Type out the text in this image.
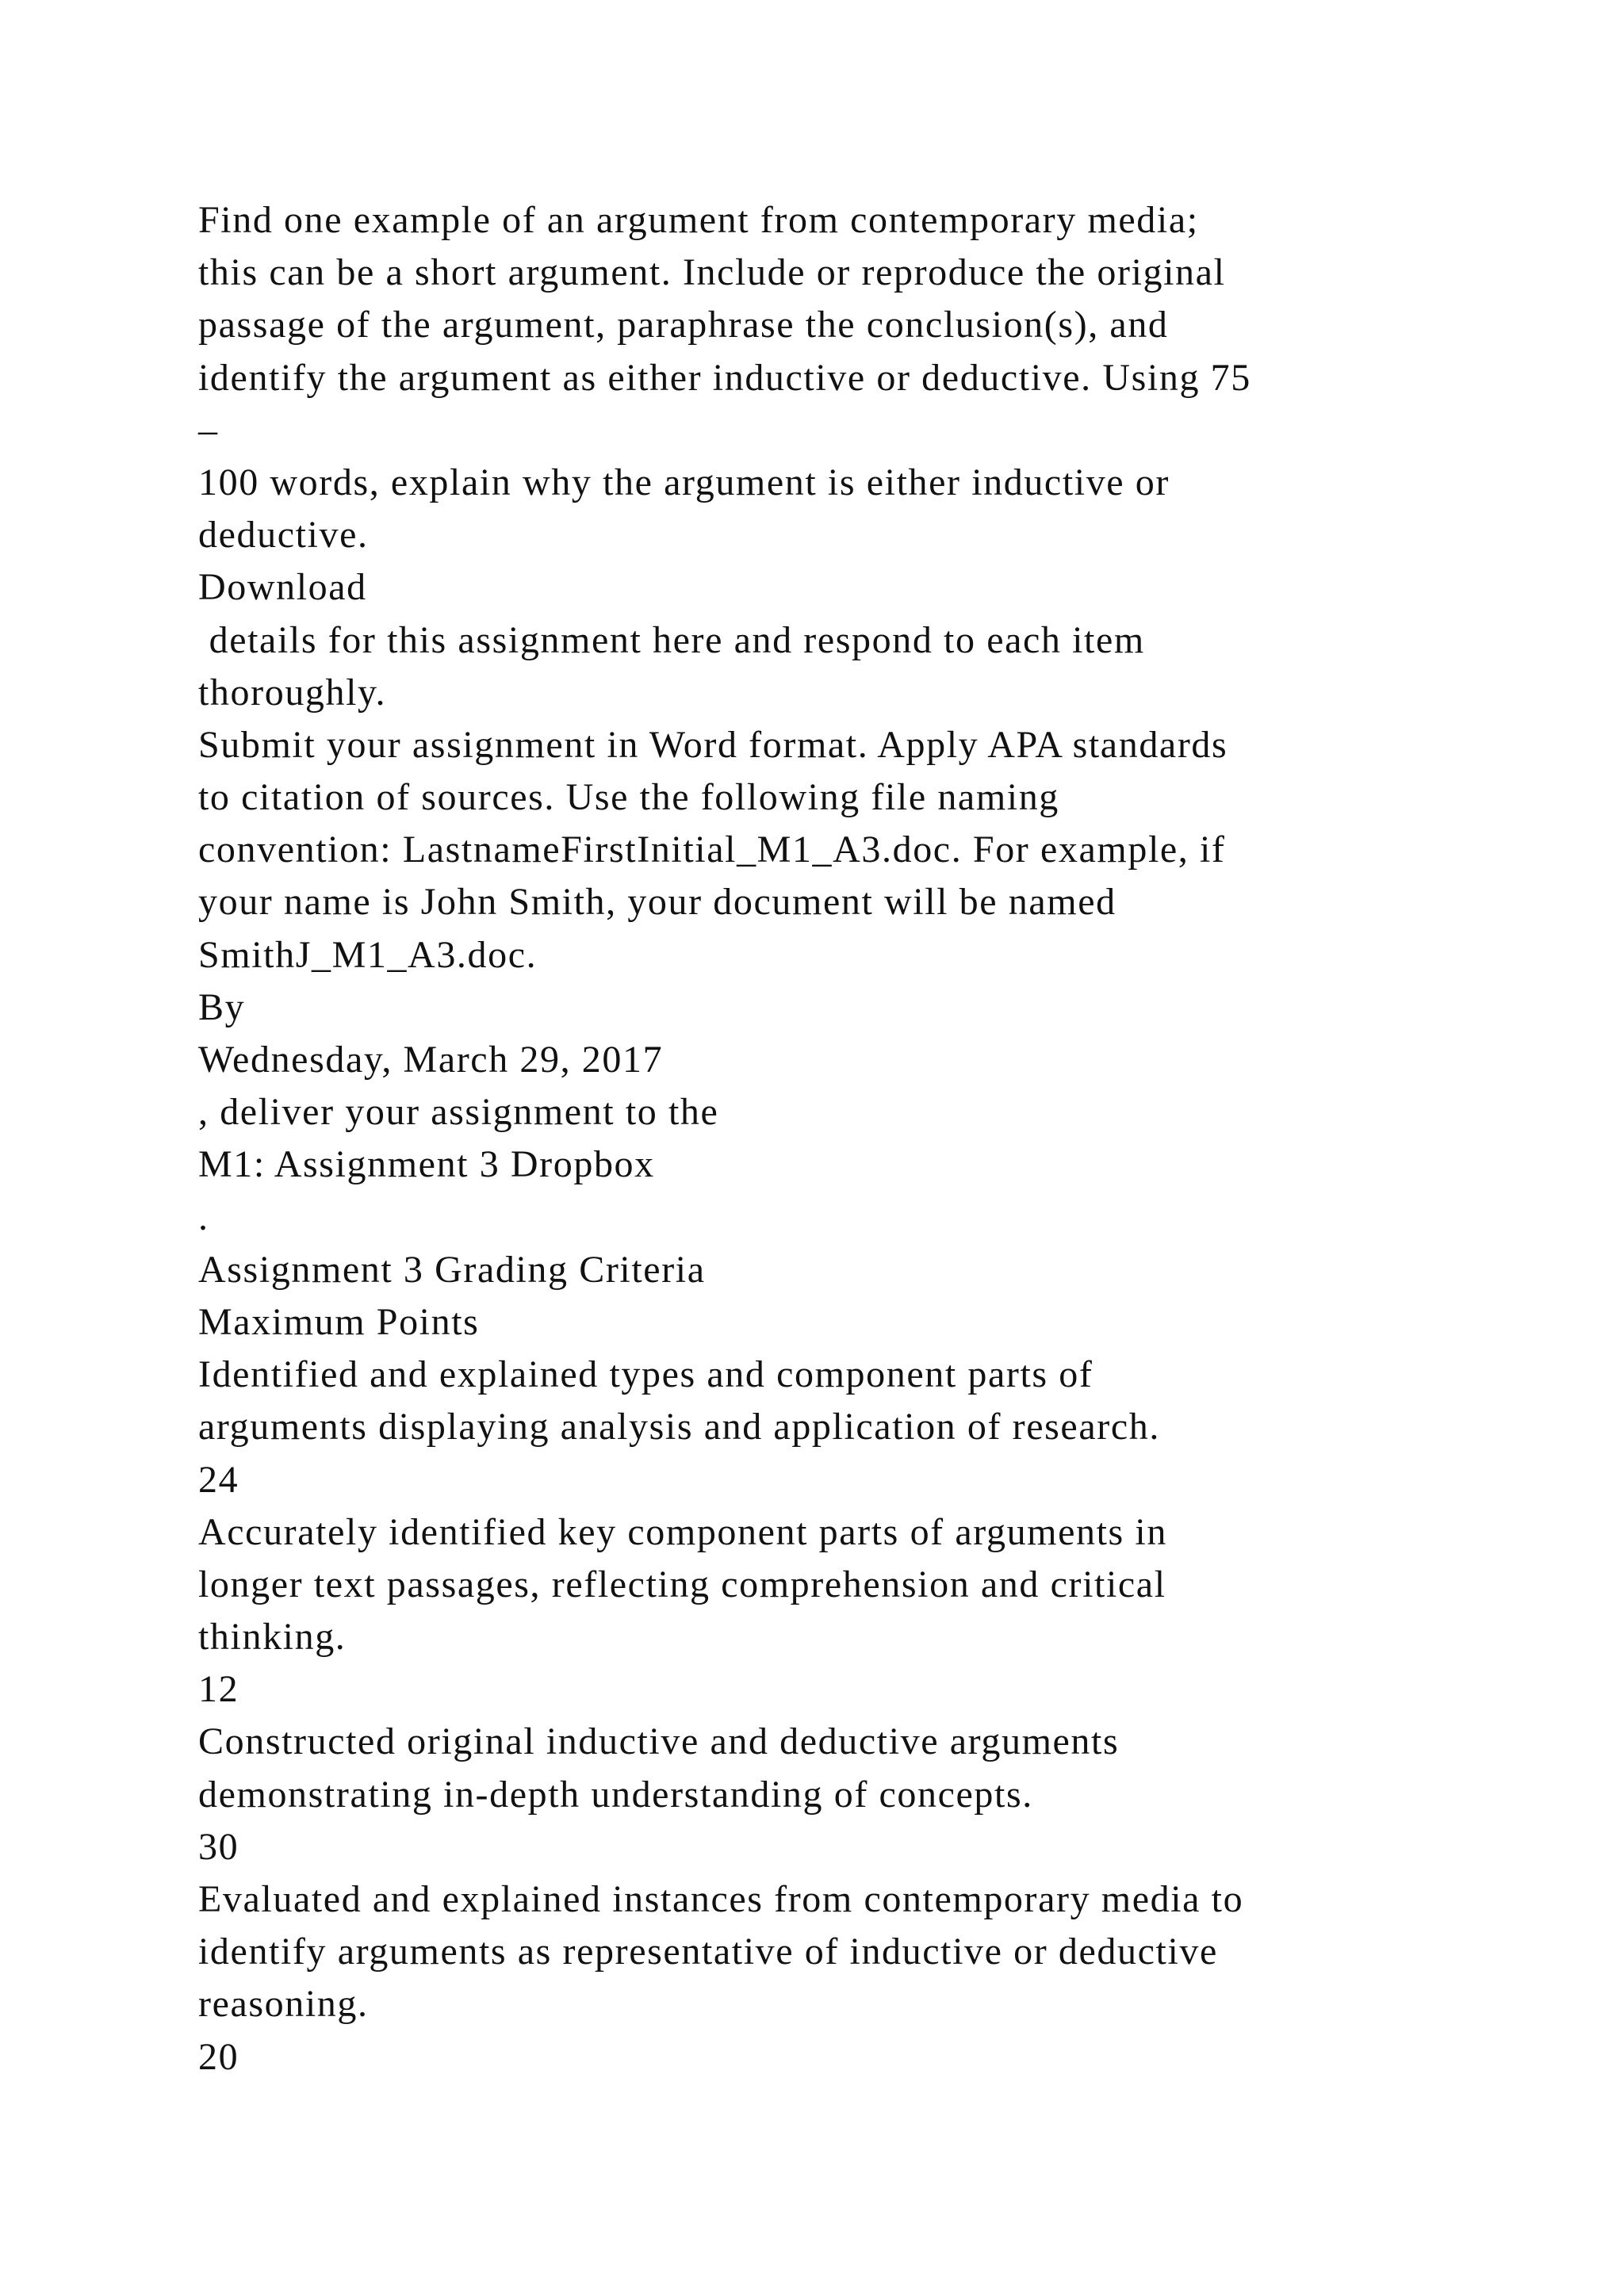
Find one example of an argument from contemporary media;
this can be a short argument. Include or reproduce the original
passage of the argument, paraphrase the conclusion(s), and
identify the argument as either inductive or deductive. Using 75
–
100 words, explain why the argument is either inductive or
deductive.
Download
details for this assignment here and respond to each item
thoroughly.
Submit your assignment in Word format. Apply APA standards
to citation of sources. Use the following file naming
convention: LastnameFirstInitial_M1_A3.doc. For example, if
your name is John Smith, your document will be named
SmithJ_M1_A3.doc.
By
Wednesday, March 29, 2017
, deliver your assignment to the
M1: Assignment 3 Dropbox
.
Assignment 3 Grading Criteria
Maximum Points
Identified and explained types and component parts of
arguments displaying analysis and application of research.
24
Accurately identified key component parts of arguments in
longer text passages, reflecting comprehension and critical
thinking.
12
Constructed original inductive and deductive arguments
demonstrating in-depth understanding of concepts.
30
Evaluated and explained instances from contemporary media to
identify arguments as representative of inductive or deductive
reasoning.
20
